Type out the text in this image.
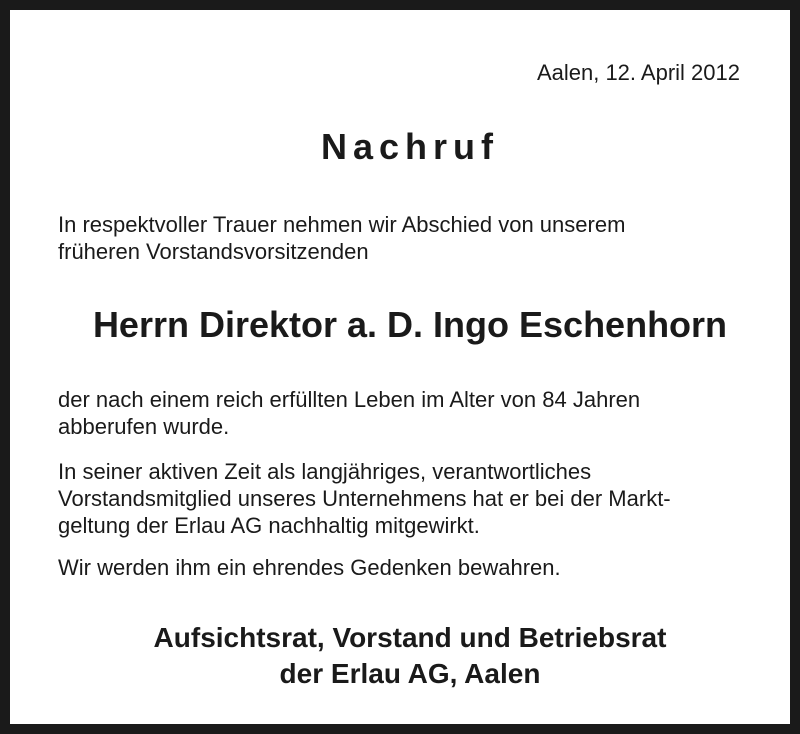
Aalen, 12. April 2012
Nachruf
In respektvoller Trauer nehmen wir Abschied von unserem
früheren Vorstandsvorsitzenden
Herrn Direktor a. D. Ingo Eschenhorn
der nach einem reich erfüllten Leben im Alter von 84 Jahren
abberufen wurde.
In seiner aktiven Zeit als langjähriges, verantwortliches
Vorstandsmitglied unseres Unternehmens hat er bei der Markt-
geltung der Erlau AG nachhaltig mitgewirkt.
Wir werden ihm ein ehrendes Gedenken bewahren.
Aufsichtsrat, Vorstand und Betriebsrat
der Erlau AG, Aalen
